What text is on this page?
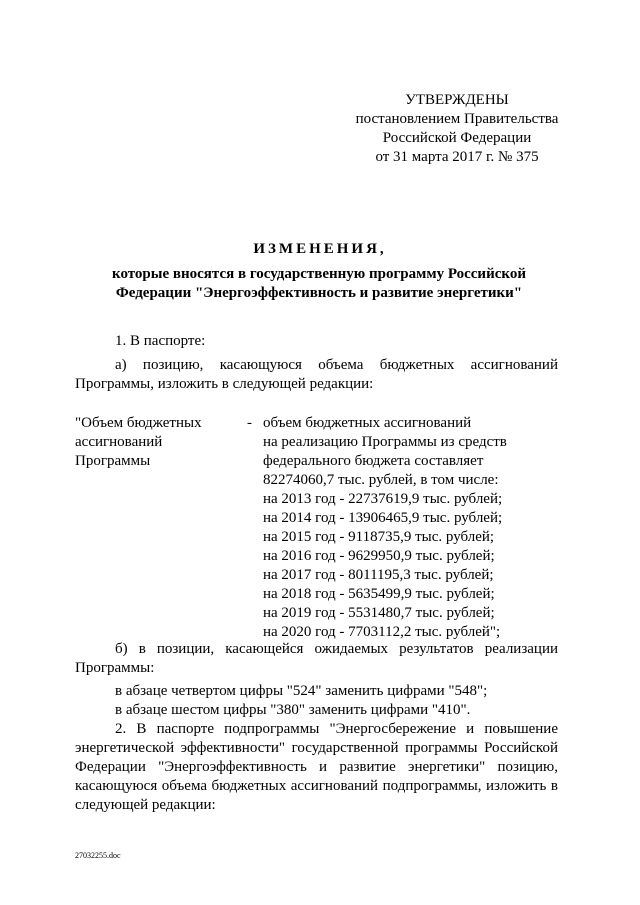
УТВЕРЖДЕНЫ
постановлением Правительства
Российской Федерации
от 31 марта 2017 г. № 375
ИЗМЕНЕНИЯ,
которые вносятся в государственную программу Российской Федерации "Энергоэффективность и развитие энергетики"
1. В паспорте:
а) позицию, касающуюся объема бюджетных ассигнований Программы, изложить в следующей редакции:
"Объем бюджетных
ассигнований
Программы
- объем бюджетных ассигнований
на реализацию Программы из средств
федерального бюджета составляет
82274060,7 тыс. рублей, в том числе:
на 2013 год - 22737619,9 тыс. рублей;
на 2014 год - 13906465,9 тыс. рублей;
на 2015 год - 9118735,9 тыс. рублей;
на 2016 год - 9629950,9 тыс. рублей;
на 2017 год - 8011195,3 тыс. рублей;
на 2018 год - 5635499,9 тыс. рублей;
на 2019 год - 5531480,7 тыс. рублей;
на 2020 год - 7703112,2 тыс. рублей";
б) в позиции, касающейся ожидаемых результатов реализации Программы:
в абзаце четвертом цифры "524" заменить цифрами "548";
в абзаце шестом цифры "380" заменить цифрами "410".
2. В паспорте подпрограммы "Энергосбережение и повышение энергетической эффективности" государственной программы Российской Федерации "Энергоэффективность и развитие энергетики" позицию, касающуюся объема бюджетных ассигнований подпрограммы, изложить в следующей редакции:
27032255.doc
